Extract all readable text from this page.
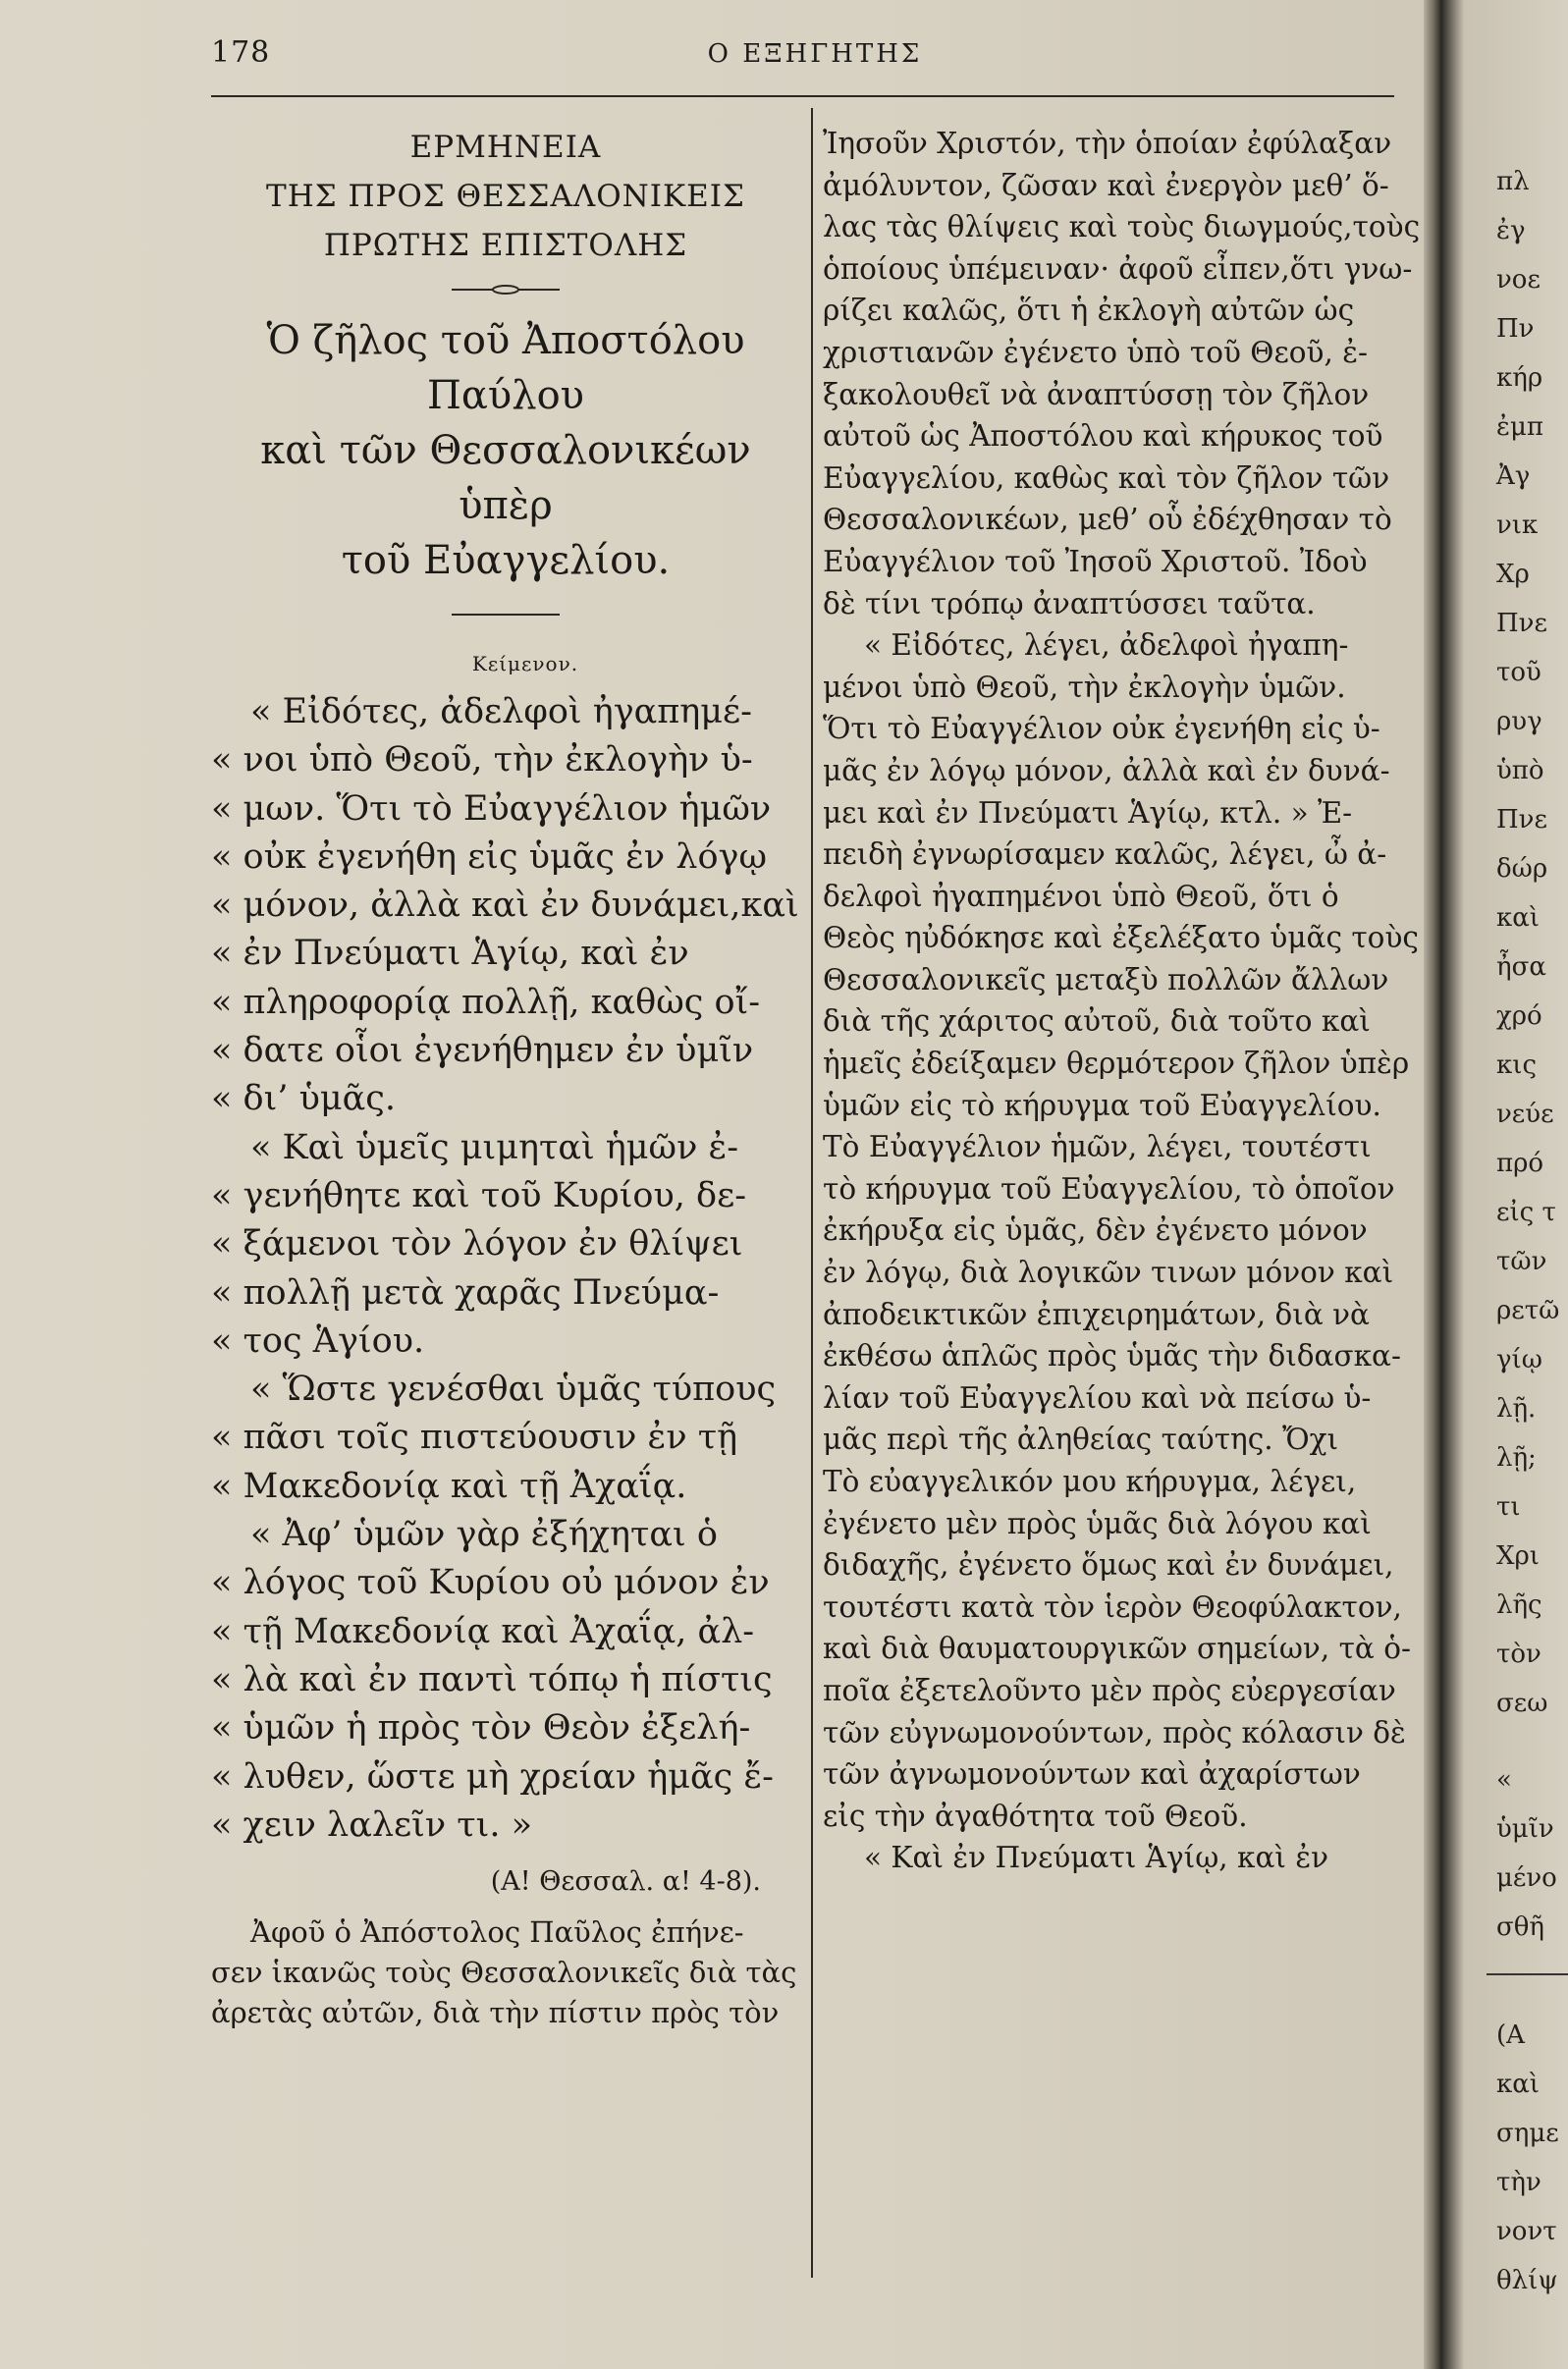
178	Ο ΕΞΗΓΗΤΗΣ
ΕΡΜΗΝΕΙΑ
ΤΗΣ ΠΡΟΣ ΘΕΣΣΑΛΟΝΙΚΕΙΣ
ΠΡΩΤΗΣ ΕΠΙΣΤΟΛΗΣ
Ὁ ζῆλος τοῦ Ἀποστόλου Παύλου
καὶ τῶν Θεσσαλονικέων ὑπὲρ
τοῦ Εὐαγγελίου.
Κείμενον.
« Εἰδότες, ἀδελφοὶ ἠγαπημέ-
« νοι ὑπὸ Θεοῦ, τὴν ἐκλογὴν ὑ-
« μων. Ὅτι τὸ Εὐαγγέλιον ἡμῶν
« οὐκ ἐγενήθη εἰς ὑμᾶς ἐν λόγῳ
« μόνον, ἀλλὰ καὶ ἐν δυνάμει,καὶ
« ἐν Πνεύματι Ἁγίῳ, καὶ ἐν
« πληροφορίᾳ πολλῇ, καθὼς οἴ-
« δατε οἷοι ἐγενήθημεν ἐν ὑμῖν
« δι’ ὑμᾶς.
« Καὶ ὑμεῖς μιμηταὶ ἡμῶν ἐ-
« γενήθητε καὶ τοῦ Κυρίου, δε-
« ξάμενοι τὸν λόγον ἐν θλίψει
« πολλῇ μετὰ χαρᾶς Πνεύμα-
« τος Ἁγίου.
« Ὥστε γενέσθαι ὑμᾶς τύπους
« πᾶσι τοῖς πιστεύουσιν ἐν τῇ
« Μακεδονίᾳ καὶ τῇ Ἀχαΐᾳ.
« Ἀφ’ ὑμῶν γὰρ ἐξήχηται ὁ
« λόγος τοῦ Κυρίου οὐ μόνον ἐν
« τῇ Μακεδονίᾳ καὶ Ἀχαΐᾳ, ἀλ-
« λὰ καὶ ἐν παντὶ τόπῳ ἡ πίστις
« ὑμῶν ἡ πρὸς τὸν Θεὸν ἐξελή-
« λυθεν, ὥστε μὴ χρείαν ἡμᾶς ἔ-
« χειν λαλεῖν τι. »
(Α! Θεσσαλ. α! 4-8).
Ἀφοῦ ὁ Ἀπόστολος Παῦλος ἐπήνε-
σεν ἱκανῶς τοὺς Θεσσαλονικεῖς διὰ τὰς
ἀρετὰς αὐτῶν, διὰ τὴν πίστιν πρὸς τὸν
Ἰησοῦν Χριστόν, τὴν ὁποίαν ἐφύλαξαν
ἀμόλυντον, ζῶσαν καὶ ἐνεργὸν μεθ’ ὅ-
λας τὰς θλίψεις καὶ τοὺς διωγμούς,τοὺς
ὁποίους ὑπέμειναν· ἀφοῦ εἶπεν,ὅτι γνω-
ρίζει καλῶς, ὅτι ἡ ἐκλογὴ αὐτῶν ὡς
χριστιανῶν ἐγένετο ὑπὸ τοῦ Θεοῦ, ἐ-
ξακολουθεῖ νὰ ἀναπτύσσῃ τὸν ζῆλον
αὐτοῦ ὡς Ἀποστόλου καὶ κήρυκος τοῦ
Εὐαγγελίου, καθὼς καὶ τὸν ζῆλον τῶν
Θεσσαλονικέων, μεθ’ οὗ ἐδέχθησαν τὸ
Εὐαγγέλιον τοῦ Ἰησοῦ Χριστοῦ. Ἰδοὺ
δὲ τίνι τρόπῳ ἀναπτύσσει ταῦτα.
« Εἰδότες, λέγει, ἀδελφοὶ ἠγαπη-
μένοι ὑπὸ Θεοῦ, τὴν ἐκλογὴν ὑμῶν.
Ὅτι τὸ Εὐαγγέλιον οὐκ ἐγενήθη εἰς ὑ-
μᾶς ἐν λόγῳ μόνον, ἀλλὰ καὶ ἐν δυνά-
μει καὶ ἐν Πνεύματι Ἁγίῳ, κτλ. » Ἐ-
πειδὴ ἐγνωρίσαμεν καλῶς, λέγει, ὦ ἀ-
δελφοὶ ἠγαπημένοι ὑπὸ Θεοῦ, ὅτι ὁ
Θεὸς ηὐδόκησε καὶ ἐξελέξατο ὑμᾶς τοὺς
Θεσσαλονικεῖς μεταξὺ πολλῶν ἄλλων
διὰ τῆς χάριτος αὐτοῦ, διὰ τοῦτο καὶ
ἡμεῖς ἐδείξαμεν θερμότερον ζῆλον ὑπὲρ
ὑμῶν εἰς τὸ κήρυγμα τοῦ Εὐαγγελίου.
Τὸ Εὐαγγέλιον ἡμῶν, λέγει, τουτέστι
τὸ κήρυγμα τοῦ Εὐαγγελίου, τὸ ὁποῖον
ἐκήρυξα εἰς ὑμᾶς, δὲν ἐγένετο μόνον
ἐν λόγῳ, διὰ λογικῶν τινων μόνον καὶ
ἀποδεικτικῶν ἐπιχειρημάτων, διὰ νὰ
ἐκθέσω ἁπλῶς πρὸς ὑμᾶς τὴν διδασκα-
λίαν τοῦ Εὐαγγελίου καὶ νὰ πείσω ὑ-
μᾶς περὶ τῆς ἀληθείας ταύτης. Ὄχι
Τὸ εὐαγγελικόν μου κήρυγμα, λέγει,
ἐγένετο μὲν πρὸς ὑμᾶς διὰ λόγου καὶ
διδαχῆς, ἐγένετο ὅμως καὶ ἐν δυνάμει,
τουτέστι κατὰ τὸν ἱερὸν Θεοφύλακτον,
καὶ διὰ θαυματουργικῶν σημείων, τὰ ὁ-
ποῖα ἐξετελοῦντο μὲν πρὸς εὐεργεσίαν
τῶν εὐγνωμονούντων, πρὸς κόλασιν δὲ
τῶν ἀγνωμονούντων καὶ ἀχαρίστων
εἰς τὴν ἀγαθότητα τοῦ Θεοῦ.
« Καὶ ἐν Πνεύματι Ἁγίῳ, καὶ ἐν
πλ
ἐγ
νοε
Πν
κήρ
ἐμπ
Ἀγ
νικ
Χρ
Πνε
τοῦ
ρυγ
ὑπὸ
Πνε
δώρ
καὶ
ἦσα
χρό
κις
νεύε
πρό
εἰς τ
τῶν
ρετῶ
γίῳ
λῇ.
λῇ;
τι
Χρι
λῆς
τὸν
σεω
«
ὑμῖν
μένο
σθῆ
(Α
καὶ
σημε
τὴν
νοντ
θλίψ
